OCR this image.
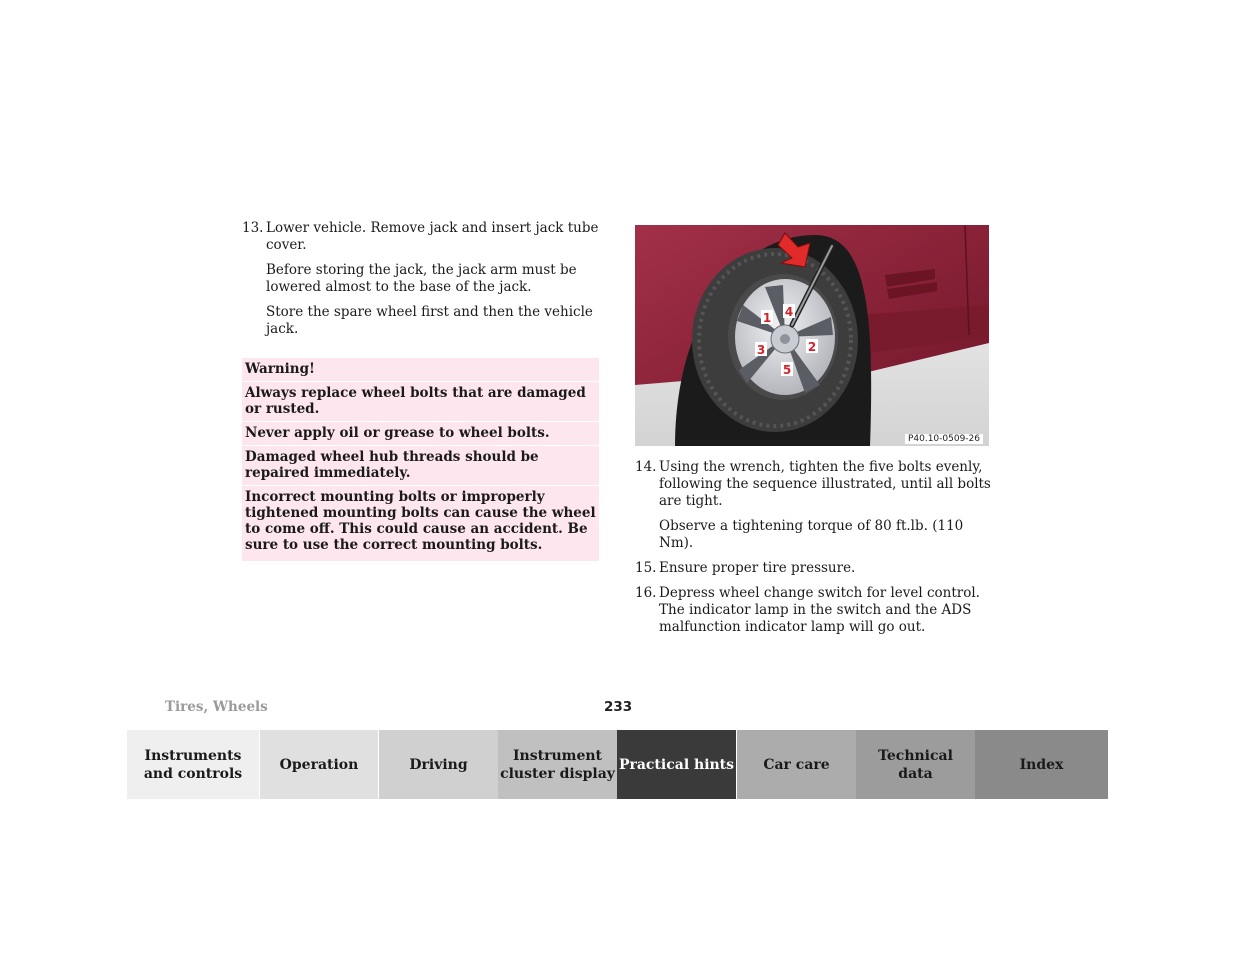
13. Lower vehicle. Remove jack and insert jack tube cover.

Before storing the jack, the jack arm must be lowered almost to the base of the jack.

Store the spare wheel first and then the vehicle jack.

Warning!
Always replace wheel bolts that are damaged or rusted.
Never apply oil or grease to wheel bolts.
Damaged wheel hub threads should be repaired immediately.
Incorrect mounting bolts or improperly tightened mounting bolts can cause the wheel to come off. This could cause an accident. Be sure to use the correct mounting bolts.
1
2
3
4
5
P40.10-0509-26
14. Using the wrench, tighten the five bolts evenly, following the sequence illustrated, until all bolts are tight.

Observe a tightening torque of 80 ft.lb. (110 Nm).

15. Ensure proper tire pressure.
16. Depress wheel change switch for level control. The indicator lamp in the switch and the ADS malfunction indicator lamp will go out.
Tires, Wheels	233
Instruments
and controls
Operation	Driving
Instrument
cluster display
Practical hints Car care
Technical
data
Index
